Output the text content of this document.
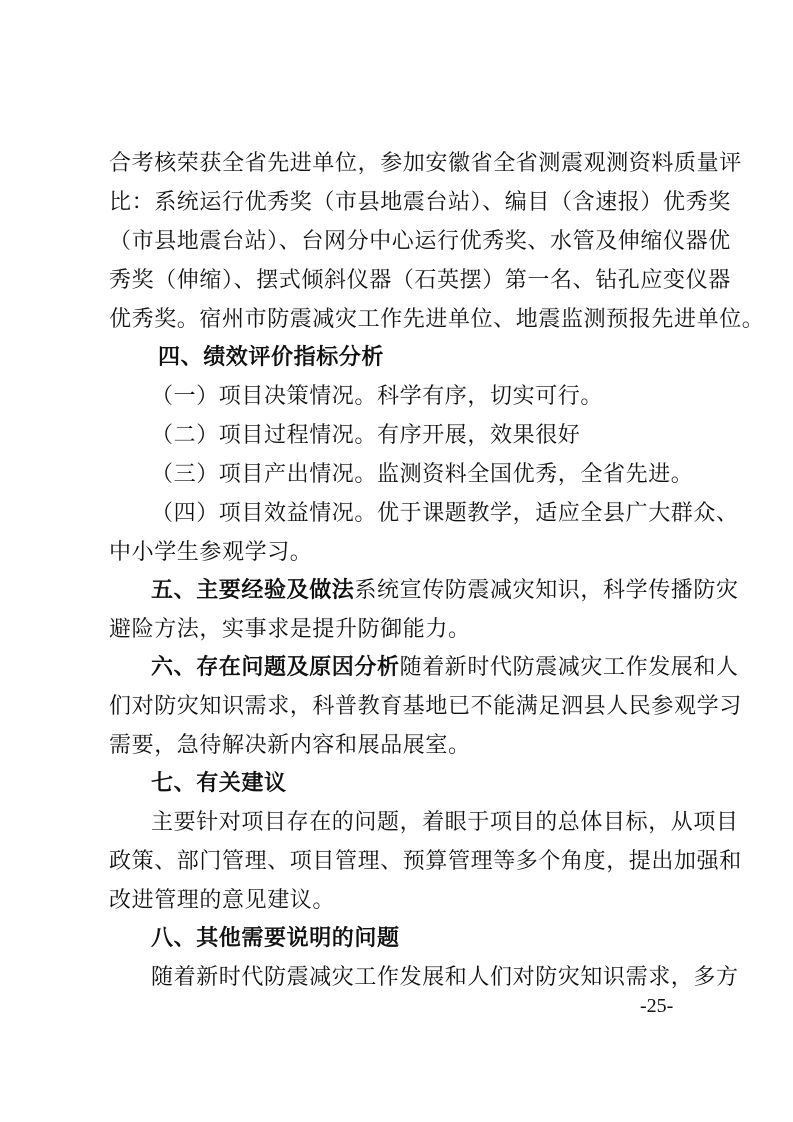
合考核荣获全省先进单位，参加安徽省全省测震观测资料质量评
比：系统运行优秀奖（市县地震台站）、编目（含速报）优秀奖
（市县地震台站）、台网分中心运行优秀奖、水管及伸缩仪器优
秀奖（伸缩）、摆式倾斜仪器（石英摆）第一名、钻孔应变仪器
优秀奖。宿州市防震减灾工作先进单位、地震监测预报先进单位。
四、绩效评价指标分析
（一）项目决策情况。科学有序，切实可行。
（二）项目过程情况。有序开展，效果很好
（三）项目产出情况。监测资料全国优秀，全省先进。
（四）项目效益情况。优于课题教学，适应全县广大群众、
中小学生参观学习。
五、主要经验及做法系统宣传防震减灾知识，科学传播防灾
避险方法，实事求是提升防御能力。
六、存在问题及原因分析随着新时代防震减灾工作发展和人
们对防灾知识需求，科普教育基地已不能满足泗县人民参观学习
需要，急待解决新内容和展品展室。
七、有关建议
主要针对项目存在的问题，着眼于项目的总体目标，从项目
政策、部门管理、项目管理、预算管理等多个角度，提出加强和
改进管理的意见建议。
八、其他需要说明的问题
随着新时代防震减灾工作发展和人们对防灾知识需求，多方
-25-
